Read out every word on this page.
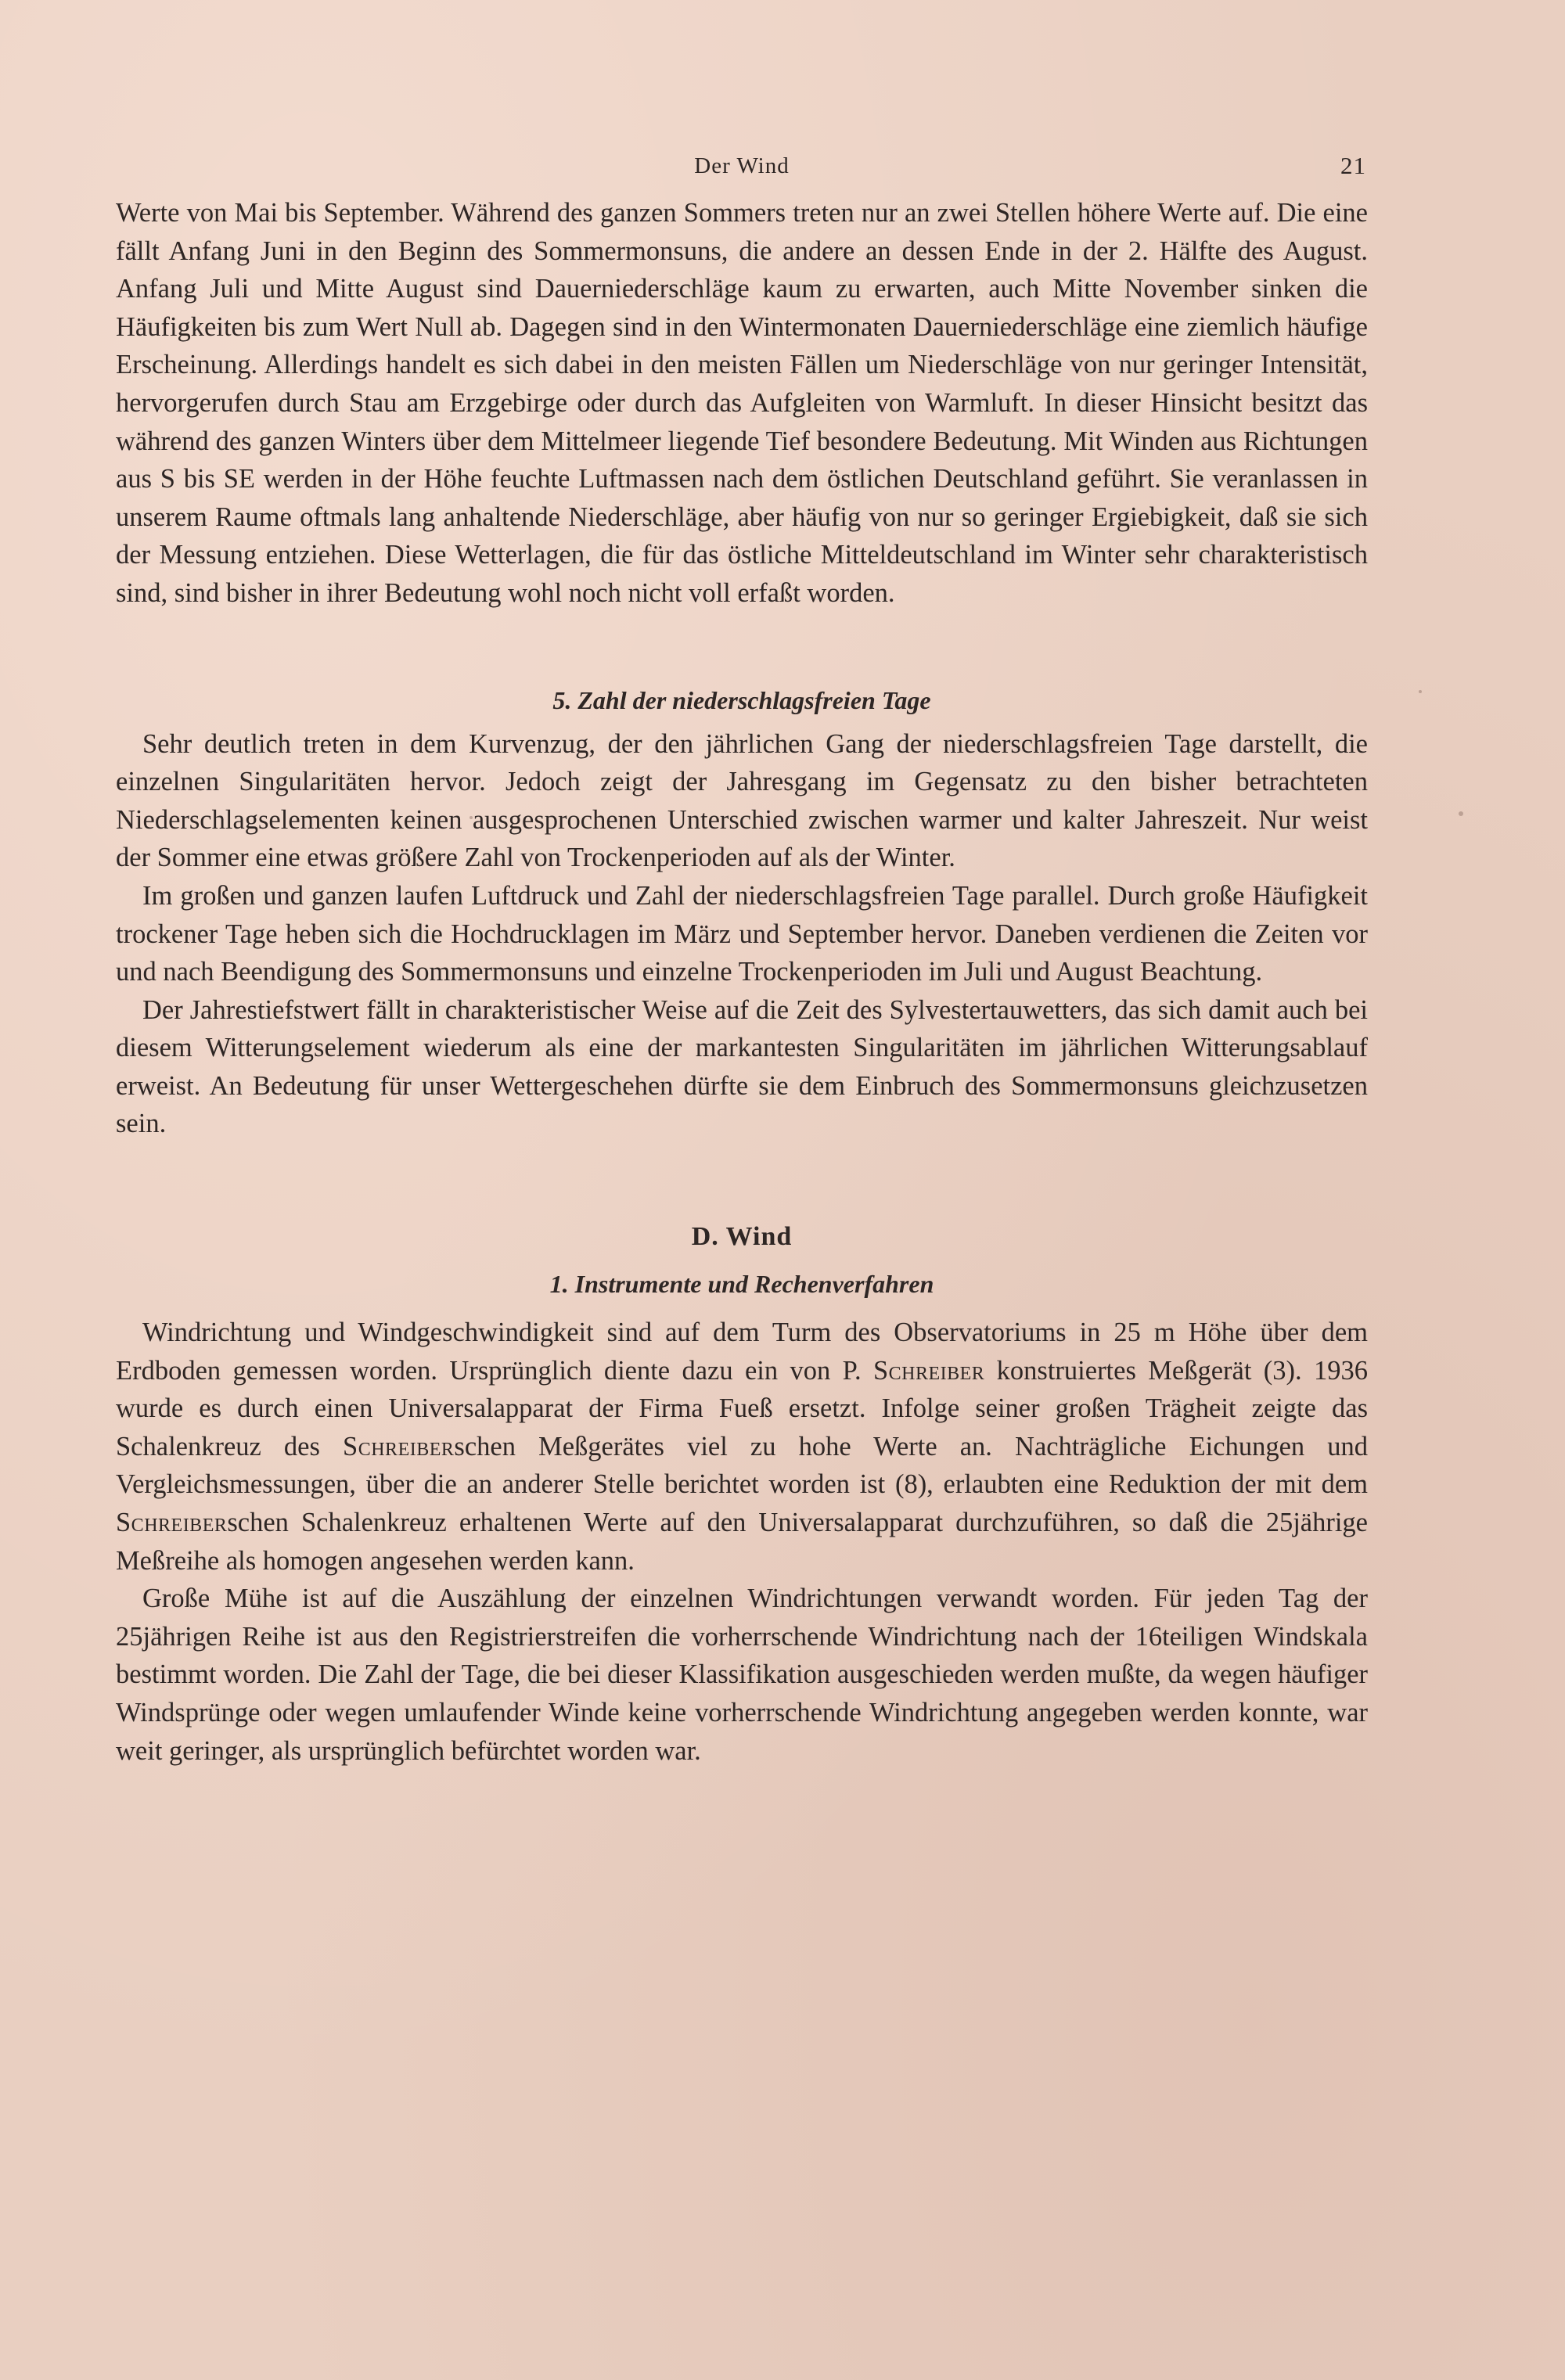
Der Wind	21

Werte von Mai bis September. Während des ganzen Sommers treten nur an zwei Stellen höhere Werte auf. Die eine fällt Anfang Juni in den Beginn des Sommermonsuns, die andere an dessen Ende in der 2. Hälfte des August. Anfang Juli und Mitte August sind Dauerniederschläge kaum zu erwarten, auch Mitte November sinken die Häufigkeiten bis zum Wert Null ab. Dagegen sind in den Wintermonaten Dauerniederschläge eine ziemlich häufige Erscheinung. Allerdings handelt es sich dabei in den meisten Fällen um Niederschläge von nur geringer Intensität, hervorgerufen durch Stau am Erzgebirge oder durch das Aufgleiten von Warmluft. In dieser Hinsicht besitzt das während des ganzen Winters über dem Mittelmeer liegende Tief besondere Bedeutung. Mit Winden aus Richtungen aus S bis SE werden in der Höhe feuchte Luftmassen nach dem östlichen Deutschland geführt. Sie veranlassen in unserem Raume oftmals lang anhaltende Niederschläge, aber häufig von nur so geringer Ergiebigkeit, daß sie sich der Messung entziehen. Diese Wetterlagen, die für das östliche Mitteldeutschland im Winter sehr charakteristisch sind, sind bisher in ihrer Bedeutung wohl noch nicht voll erfaßt worden.

5. Zahl der niederschlagsfreien Tage

Sehr deutlich treten in dem Kurvenzug, der den jährlichen Gang der niederschlagsfreien Tage darstellt, die einzelnen Singularitäten hervor. Jedoch zeigt der Jahresgang im Gegensatz zu den bisher betrachteten Niederschlagselementen keinen ausgesprochenen Unterschied zwischen warmer und kalter Jahreszeit. Nur weist der Sommer eine etwas größere Zahl von Trockenperioden auf als der Winter.

Im großen und ganzen laufen Luftdruck und Zahl der niederschlagsfreien Tage parallel. Durch große Häufigkeit trockener Tage heben sich die Hochdrucklagen im März und September hervor. Daneben verdienen die Zeiten vor und nach Beendigung des Sommermonsuns und einzelne Trockenperioden im Juli und August Beachtung.

Der Jahrestiefstwert fällt in charakteristischer Weise auf die Zeit des Sylvestertauwetters, das sich damit auch bei diesem Witterungselement wiederum als eine der markantesten Singularitäten im jährlichen Witterungsablauf erweist. An Bedeutung für unser Wettergeschehen dürfte sie dem Einbruch des Sommermonsuns gleichzusetzen sein.

D. Wind
1. Instrumente und Rechenverfahren

Windrichtung und Windgeschwindigkeit sind auf dem Turm des Observatoriums in 25 m Höhe über dem Erdboden gemessen worden. Ursprünglich diente dazu ein von P. Schreiber konstruiertes Meßgerät (3). 1936 wurde es durch einen Universalapparat der Firma Fueß ersetzt. Infolge seiner großen Trägheit zeigte das Schalenkreuz des Schreiberschen Meßgerätes viel zu hohe Werte an. Nachträgliche Eichungen und Vergleichsmessungen, über die an anderer Stelle berichtet worden ist (8), erlaubten eine Reduktion der mit dem Schreiberschen Schalenkreuz erhaltenen Werte auf den Universalapparat durchzuführen, so daß die 25jährige Meßreihe als homogen angesehen werden kann.

Große Mühe ist auf die Auszählung der einzelnen Windrichtungen verwandt worden. Für jeden Tag der 25jährigen Reihe ist aus den Registrierstreifen die vorherrschende Windrichtung nach der 16teiligen Windskala bestimmt worden. Die Zahl der Tage, die bei dieser Klassifikation ausgeschieden werden mußte, da wegen häufiger Windsprünge oder wegen umlaufender Winde keine vorherrschende Windrichtung angegeben werden konnte, war weit geringer, als ursprünglich befürchtet worden war.
